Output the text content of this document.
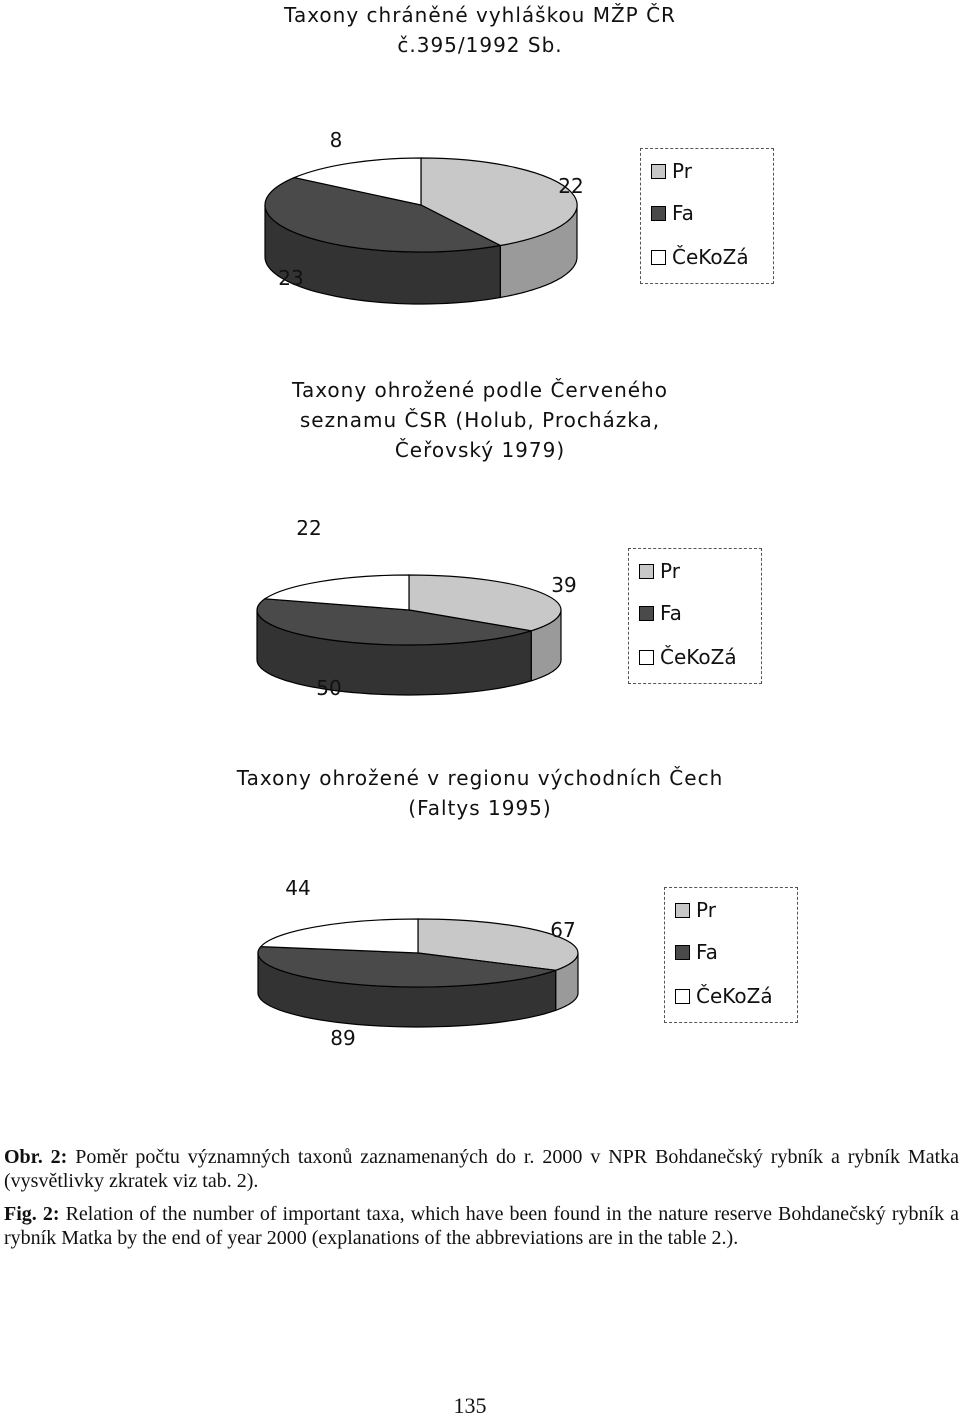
Taxony chráněné vyhláškou MŽP ČR
č.395/1992 Sb.
22
23
8
Pr
Fa
ČeKoZá
Taxony ohrožené podle Červeného
seznamu ČSR (Holub, Procházka,
Čeřovský 1979)
39
50
22
Pr
Fa
ČeKoZá
Taxony ohrožené v regionu východních Čech
(Faltys 1995)
67
89
44
Pr
Fa
ČeKoZá
Obr. 2: Poměr počtu významných taxonů zaznamenaných do r. 2000 v NPR Bohdanečský rybník a rybník Matka (vysvětlivky zkratek viz tab. 2).
Fig. 2: Relation of the number of important taxa, which have been found in the nature reserve Bohdanečský rybník a rybník Matka by the end of year 2000 (explanations of the abbreviations are in the table 2.).
135
